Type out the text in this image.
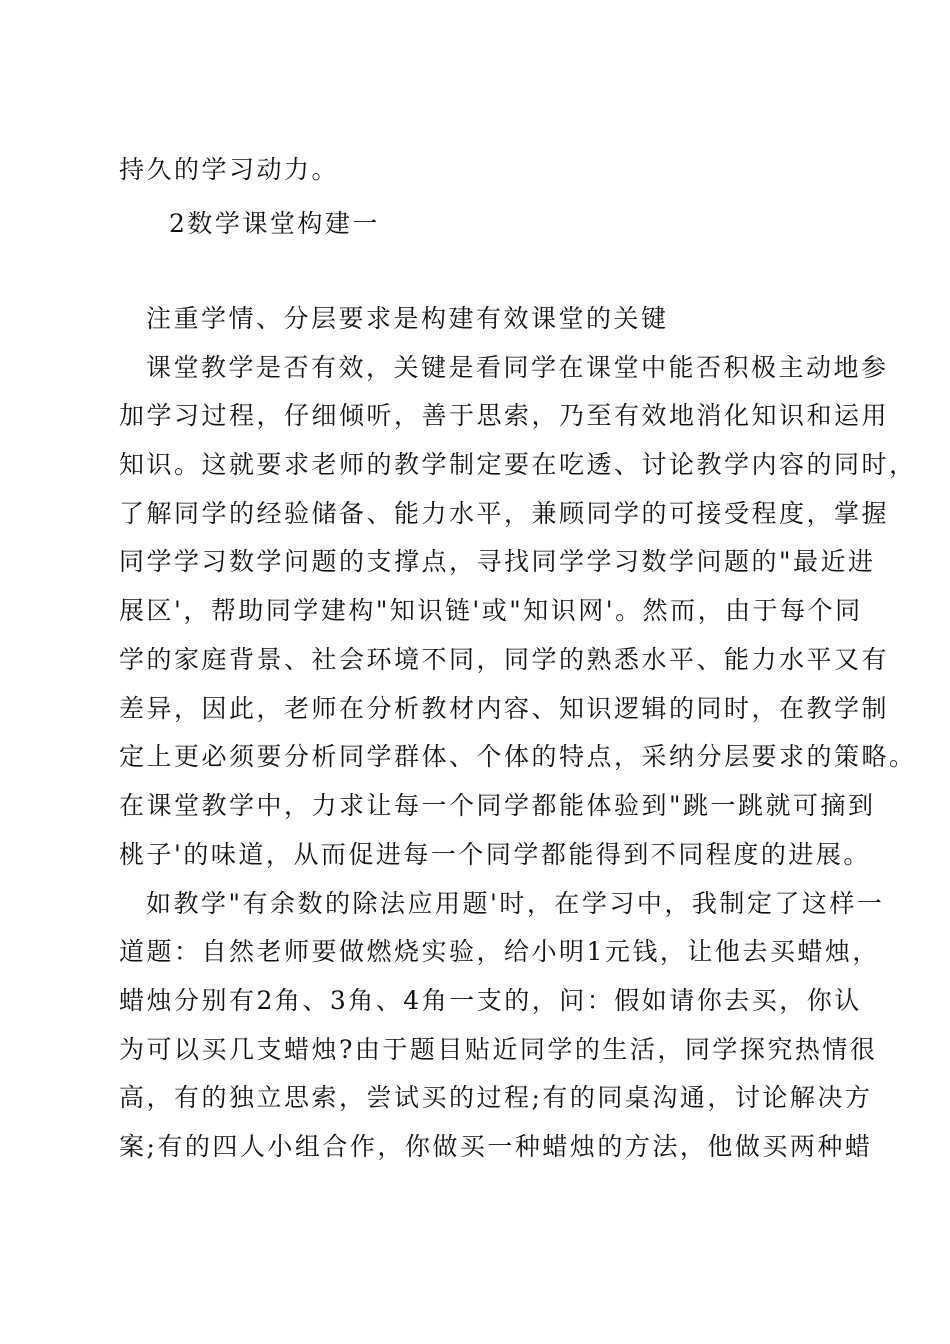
持久的学习动力。
2数学课堂构建一
注重学情、分层要求是构建有效课堂的关键
课堂教学是否有效，关键是看同学在课堂中能否积极主动地参
加学习过程，仔细倾听，善于思索，乃至有效地消化知识和运用
知识。这就要求老师的教学制定要在吃透、讨论教学内容的同时，
了解同学的经验储备、能力水平，兼顾同学的可接受程度，掌握
同学学习数学问题的支撑点，寻找同学学习数学问题的"最近进
展区'，帮助同学建构"知识链'或"知识网'。然而，由于每个同
学的家庭背景、社会环境不同，同学的熟悉水平、能力水平又有
差异，因此，老师在分析教材内容、知识逻辑的同时，在教学制
定上更必须要分析同学群体、个体的特点，采纳分层要求的策略。
在课堂教学中，力求让每一个同学都能体验到"跳一跳就可摘到
桃子'的味道，从而促进每一个同学都能得到不同程度的进展。
如教学"有余数的除法应用题'时，在学习中，我制定了这样一
道题：自然老师要做燃烧实验，给小明1元钱，让他去买蜡烛，
蜡烛分别有2角、3角、4角一支的，问：假如请你去买，你认
为可以买几支蜡烛?由于题目贴近同学的生活，同学探究热情很
高，有的独立思索，尝试买的过程;有的同桌沟通，讨论解决方
案;有的四人小组合作，你做买一种蜡烛的方法，他做买两种蜡
